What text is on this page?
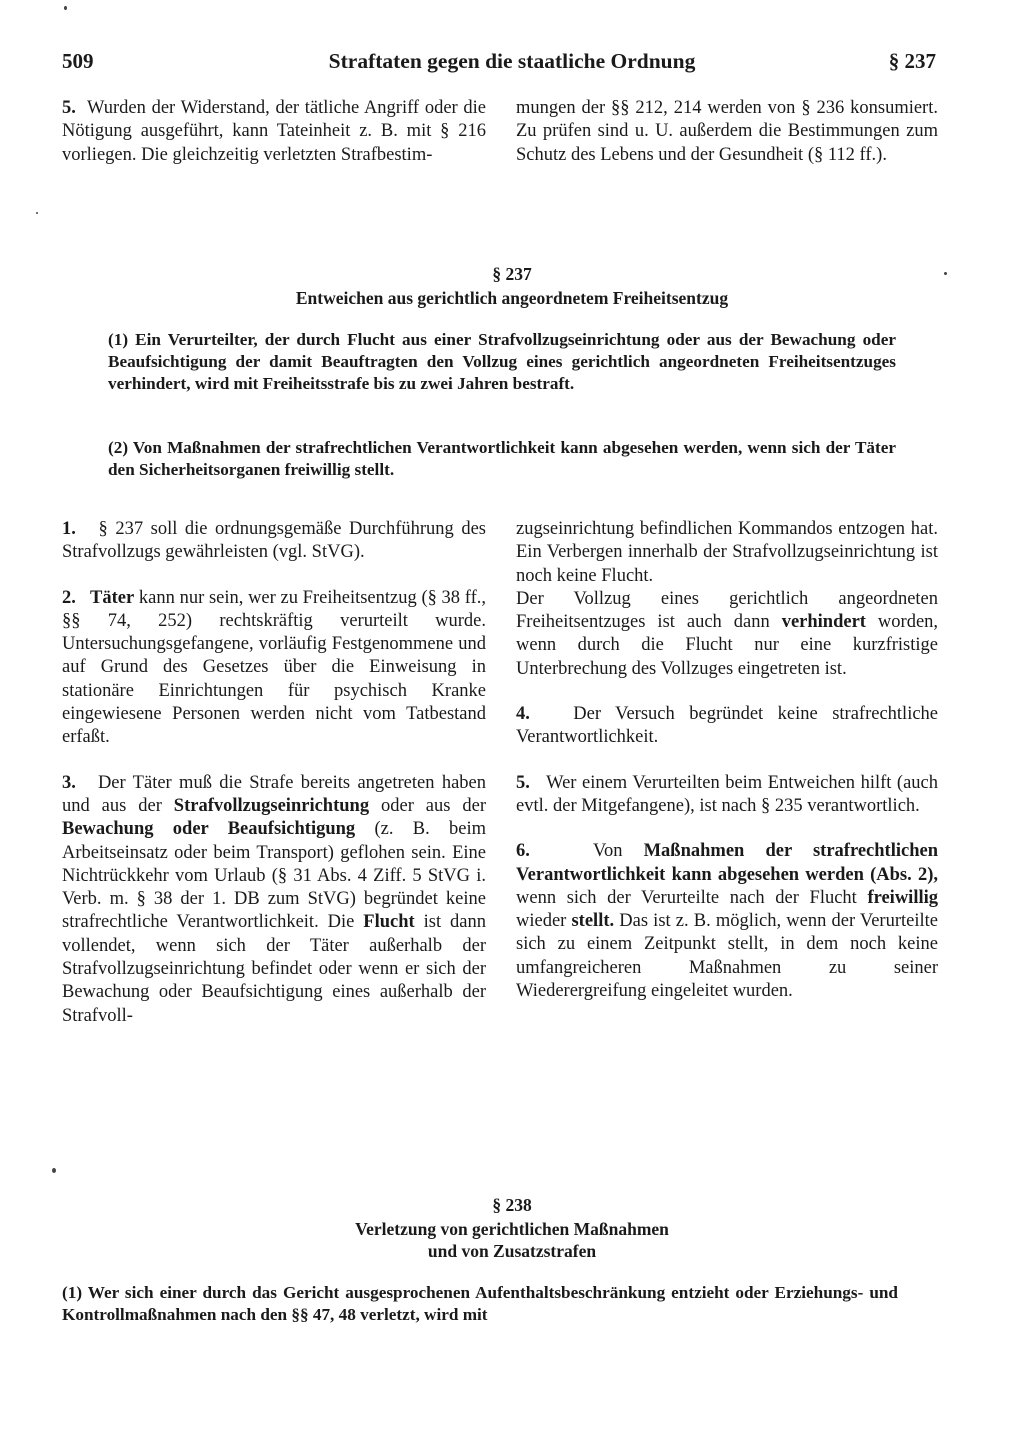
509	Straftaten gegen die staatliche Ordnung	§ 237

5. Wurden der Widerstand, der tätliche Angriff oder die Nötigung ausgeführt, kann Tateinheit z. B. mit § 216 vorliegen. Die gleichzeitig verletzten Strafbestim-

mungen der §§ 212, 214 werden von § 236 konsumiert. Zu prüfen sind u. U. außerdem die Bestimmungen zum Schutz des Lebens und der Gesundheit (§ 112 ff.).

§ 237
Entweichen aus gerichtlich angeordnetem Freiheitsentzug

(1) Ein Verurteilter, der durch Flucht aus einer Strafvollzugseinrichtung oder aus der Bewachung oder Beaufsichtigung der damit Beauftragten den Vollzug eines gerichtlich angeordneten Freiheitsentzuges verhindert, wird mit Freiheitsstrafe bis zu zwei Jahren bestraft.

(2) Von Maßnahmen der strafrechtlichen Verantwortlichkeit kann abgesehen werden, wenn sich der Täter den Sicherheitsorganen freiwillig stellt.

1. § 237 soll die ordnungsgemäße Durchführung des Strafvollzugs gewährleisten (vgl. StVG).

2. Täter kann nur sein, wer zu Freiheitsentzug (§ 38 ff., §§ 74, 252) rechtskräftig verurteilt wurde. Untersuchungsgefangene, vorläufig Festgenommene und auf Grund des Gesetzes über die Einweisung in stationäre Einrichtungen für psychisch Kranke eingewiesene Personen werden nicht vom Tatbestand erfaßt.

3. Der Täter muß die Strafe bereits angetreten haben und aus der Strafvollzugseinrichtung oder aus der Bewachung oder Beaufsichtigung (z. B. beim Arbeitseinsatz oder beim Transport) geflohen sein. Eine Nichtrückkehr vom Urlaub (§ 31 Abs. 4 Ziff. 5 StVG i. Verb. m. § 38 der 1. DB zum StVG) begründet keine strafrechtliche Verantwortlichkeit. Die Flucht ist dann vollendet, wenn sich der Täter außerhalb der Strafvollzugseinrichtung befindet oder wenn er sich der Bewachung oder Beaufsichtigung eines außerhalb der Strafvoll-

zugseinrichtung befindlichen Kommandos entzogen hat. Ein Verbergen innerhalb der Strafvollzugseinrichtung ist noch keine Flucht.

Der Vollzug eines gerichtlich angeordneten Freiheitsentzuges ist auch dann verhindert worden, wenn durch die Flucht nur eine kurzfristige Unterbrechung des Vollzuges eingetreten ist.

4. Der Versuch begründet keine strafrechtliche Verantwortlichkeit.

5. Wer einem Verurteilten beim Entweichen hilft (auch evtl. der Mitgefangene), ist nach § 235 verantwortlich.

6.	Von Maßnahmen der strafrechtlichen Verantwortlichkeit kann abgesehen werden (Abs. 2), wenn sich der Verurteilte nach der Flucht freiwillig wieder stellt. Das ist z. B. möglich, wenn der Verurteilte sich zu einem Zeitpunkt stellt, in dem noch keine umfangreicheren Maßnahmen zu seiner Wiederergreifung eingeleitet wurden.

§ 238
Verletzung von gerichtlichen Maßnahmen
und von Zusatzstrafen

(1) Wer sich einer durch das Gericht ausgesprochenen Aufenthaltsbeschränkung entzieht oder Erziehungs- und Kontrollmaßnahmen nach den §§ 47, 48 verletzt, wird mit
